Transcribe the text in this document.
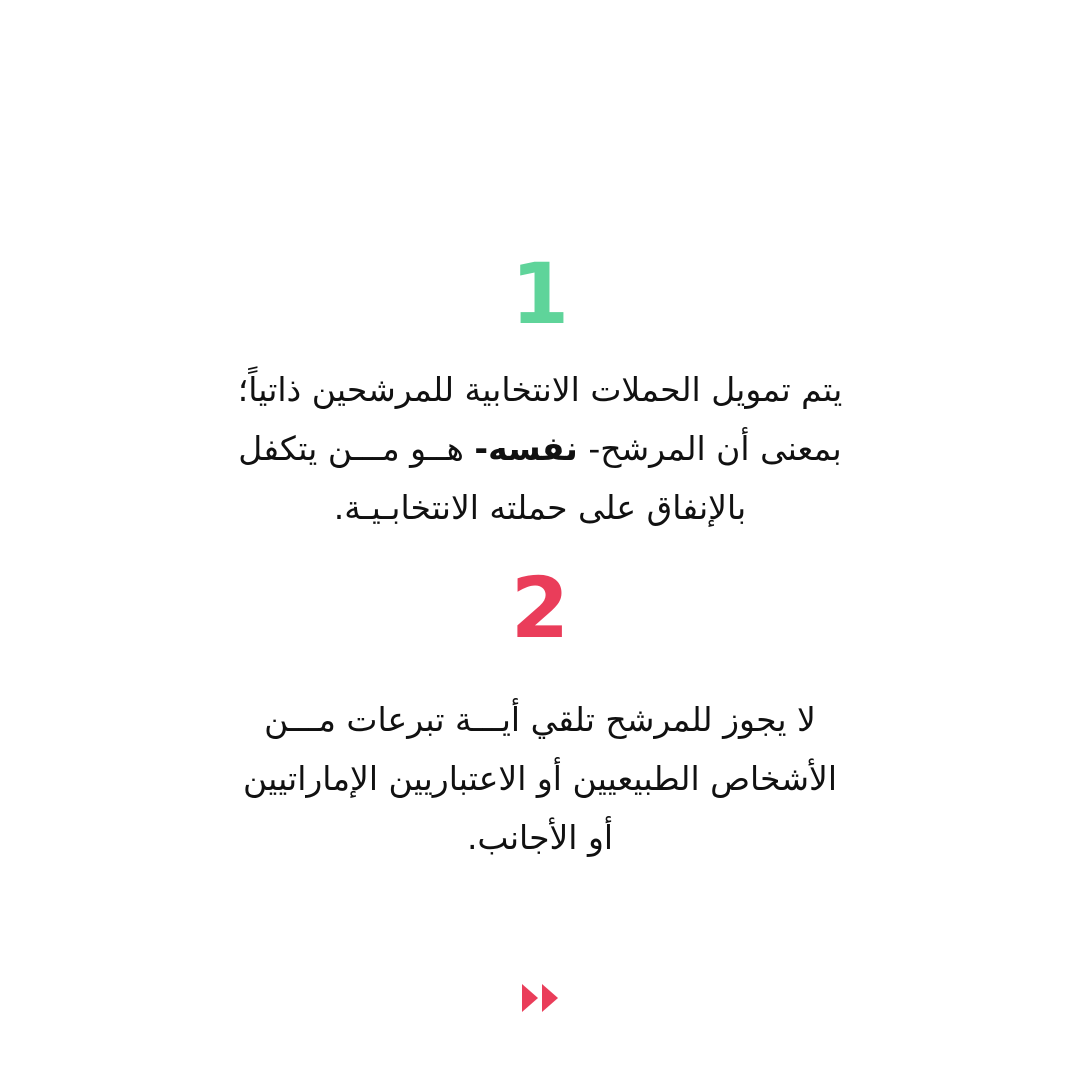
1
يتم تمويل الحملات الانتخابية للمرشحين ذاتياً؛
بمعنى أن المرشح- نفسه- هــو مـــن يتكفل
بالإنفاق على حملته الانتخابـيـة.
2
لا يجوز للمرشح تلقي أيـــة تبرعات مـــن
الأشخاص الطبيعيين أو الاعتباريين الإماراتيين
أو الأجانب.
